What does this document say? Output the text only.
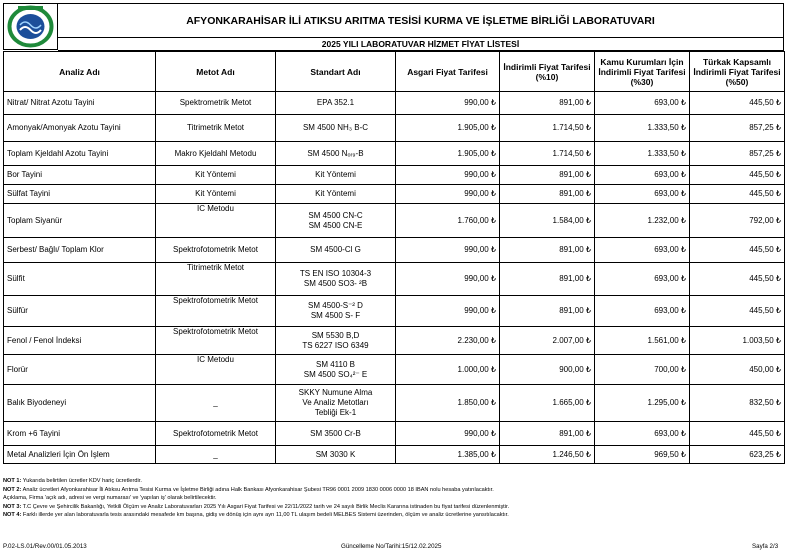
AFYONKARAHİSAR İLİ ATIKSU ARITMA TESİSİ KURMA VE İŞLETME BİRLİĞİ LABORATUVARI
2025 YILI LABORATUVAR HİZMET FİYAT LİSTESİ
Analiz Adı	Metot Adı	Standart Adı	Asgari Fiyat Tarifesi	İndirimli Fiyat Tarifesi (%10)	Kamu Kurumları İçin İndirimli Fiyat Tarifesi (%30)	Türkak Kapsamlı İndirimli Fiyat Tarifesi (%50)
Nitrat/ Nitrat Azotu Tayini	Spektrometrik Metot	EPA 352.1	990,00 ₺	891,00 ₺	693,00 ₺	445,50 ₺
Amonyak/Amonyak Azotu Tayini	Titrimetrik Metot	SM 4500 NH₃ B-C	1.905,00 ₺	1.714,50 ₺	1.333,50 ₺	857,25 ₺
Toplam Kjeldahl Azotu Tayini	Makro Kjeldahl Metodu	SM 4500 Nₒᵣ₉-B	1.905,00 ₺	1.714,50 ₺	1.333,50 ₺	857,25 ₺
Bor Tayini	Kit Yöntemi	Kit Yöntemi	990,00 ₺	891,00 ₺	693,00 ₺	445,50 ₺
Sülfat Tayini	Kit Yöntemi	Kit Yöntemi	990,00 ₺	891,00 ₺	693,00 ₺	445,50 ₺
Toplam Siyanür	IC Metodu	SM 4500 CN-C
SM 4500 CN-E	1.760,00 ₺	1.584,00 ₺	1.232,00 ₺	792,00 ₺
Serbest/ Bağlı/ Toplam Klor	Spektrofotometrik Metot	SM 4500-Cl G	990,00 ₺	891,00 ₺	693,00 ₺	445,50 ₺
Sülfit	Titrimetrik Metot	TS EN ISO 10304-3
SM 4500 SO3- ²B	990,00 ₺	891,00 ₺	693,00 ₺	445,50 ₺
Sülfür	Spektrofotometrik Metot	SM 4500-S⁻² D
SM 4500 S- F	990,00 ₺	891,00 ₺	693,00 ₺	445,50 ₺
Fenol / Fenol İndeksi	Spektrofotometrik Metot	SM 5530 B,D
TS 6227 ISO 6349	2.230,00 ₺	2.007,00 ₺	1.561,00 ₺	1.003,50 ₺
Florür	IC Metodu	SM 4110 B
SM 4500 SO₄²⁻ E	1.000,00 ₺	900,00 ₺	700,00 ₺	450,00 ₺
Balık Biyodeneyi	_	SKKY Numune Alma
Ve Analiz Metotları
Tebliği Ek-1	1.850,00 ₺	1.665,00 ₺	1.295,00 ₺	832,50 ₺
Krom +6 Tayini	Spektrofotometrik Metot	SM 3500 Cr-B	990,00 ₺	891,00 ₺	693,00 ₺	445,50 ₺
Metal Analizleri İçin Ön İşlem	_	SM 3030 K	1.385,00 ₺	1.246,50 ₺	969,50 ₺	623,25 ₺
NOT 1: Yukarıda belirtilen ücretler KDV hariç ücretlerdir.
NOT 2: Analiz ücretleri Afyonkarahisar İli Atıksu Arıtma Tesisi Kurma ve İşletme Birliği adına Halk Bankası Afyonkarahisar Şubesi TR96 0001 2009 1830 0006 0000 18 IBAN nolu hesaba yatırılacaktır.
Açıklama, Firma 'açık adı, adresi ve vergi numarası' ve 'yapılan iş' olarak belirtilecektir.
NOT 3: T.C Çevre ve Şehircilik Bakanlığı, Yetkili Ölçüm ve Analiz Laboratuvarları 2025 Yılı Asgari Fiyat Tarifesi ve 22/11/2022 tarih ve 24 sayılı Birlik Meclis Kararına istinaden bu fiyat tarifesi düzenlenmiştir.
NOT 4: Farklı illerde yer alan laboratuvarla tesis arasındaki mesafede km başına, gidiş ve dönüş için aynı ayrı 11,00 TL ulaşım bedeli MELBES Sistemi üzerinden, ölçüm ve analiz ücretlerine yansıtılacaktır.
P.02-LS.01/Rev.00/01.05.2013	Güncelleme No/Tarihi:15/12.02.2025	Sayfa 2/3
